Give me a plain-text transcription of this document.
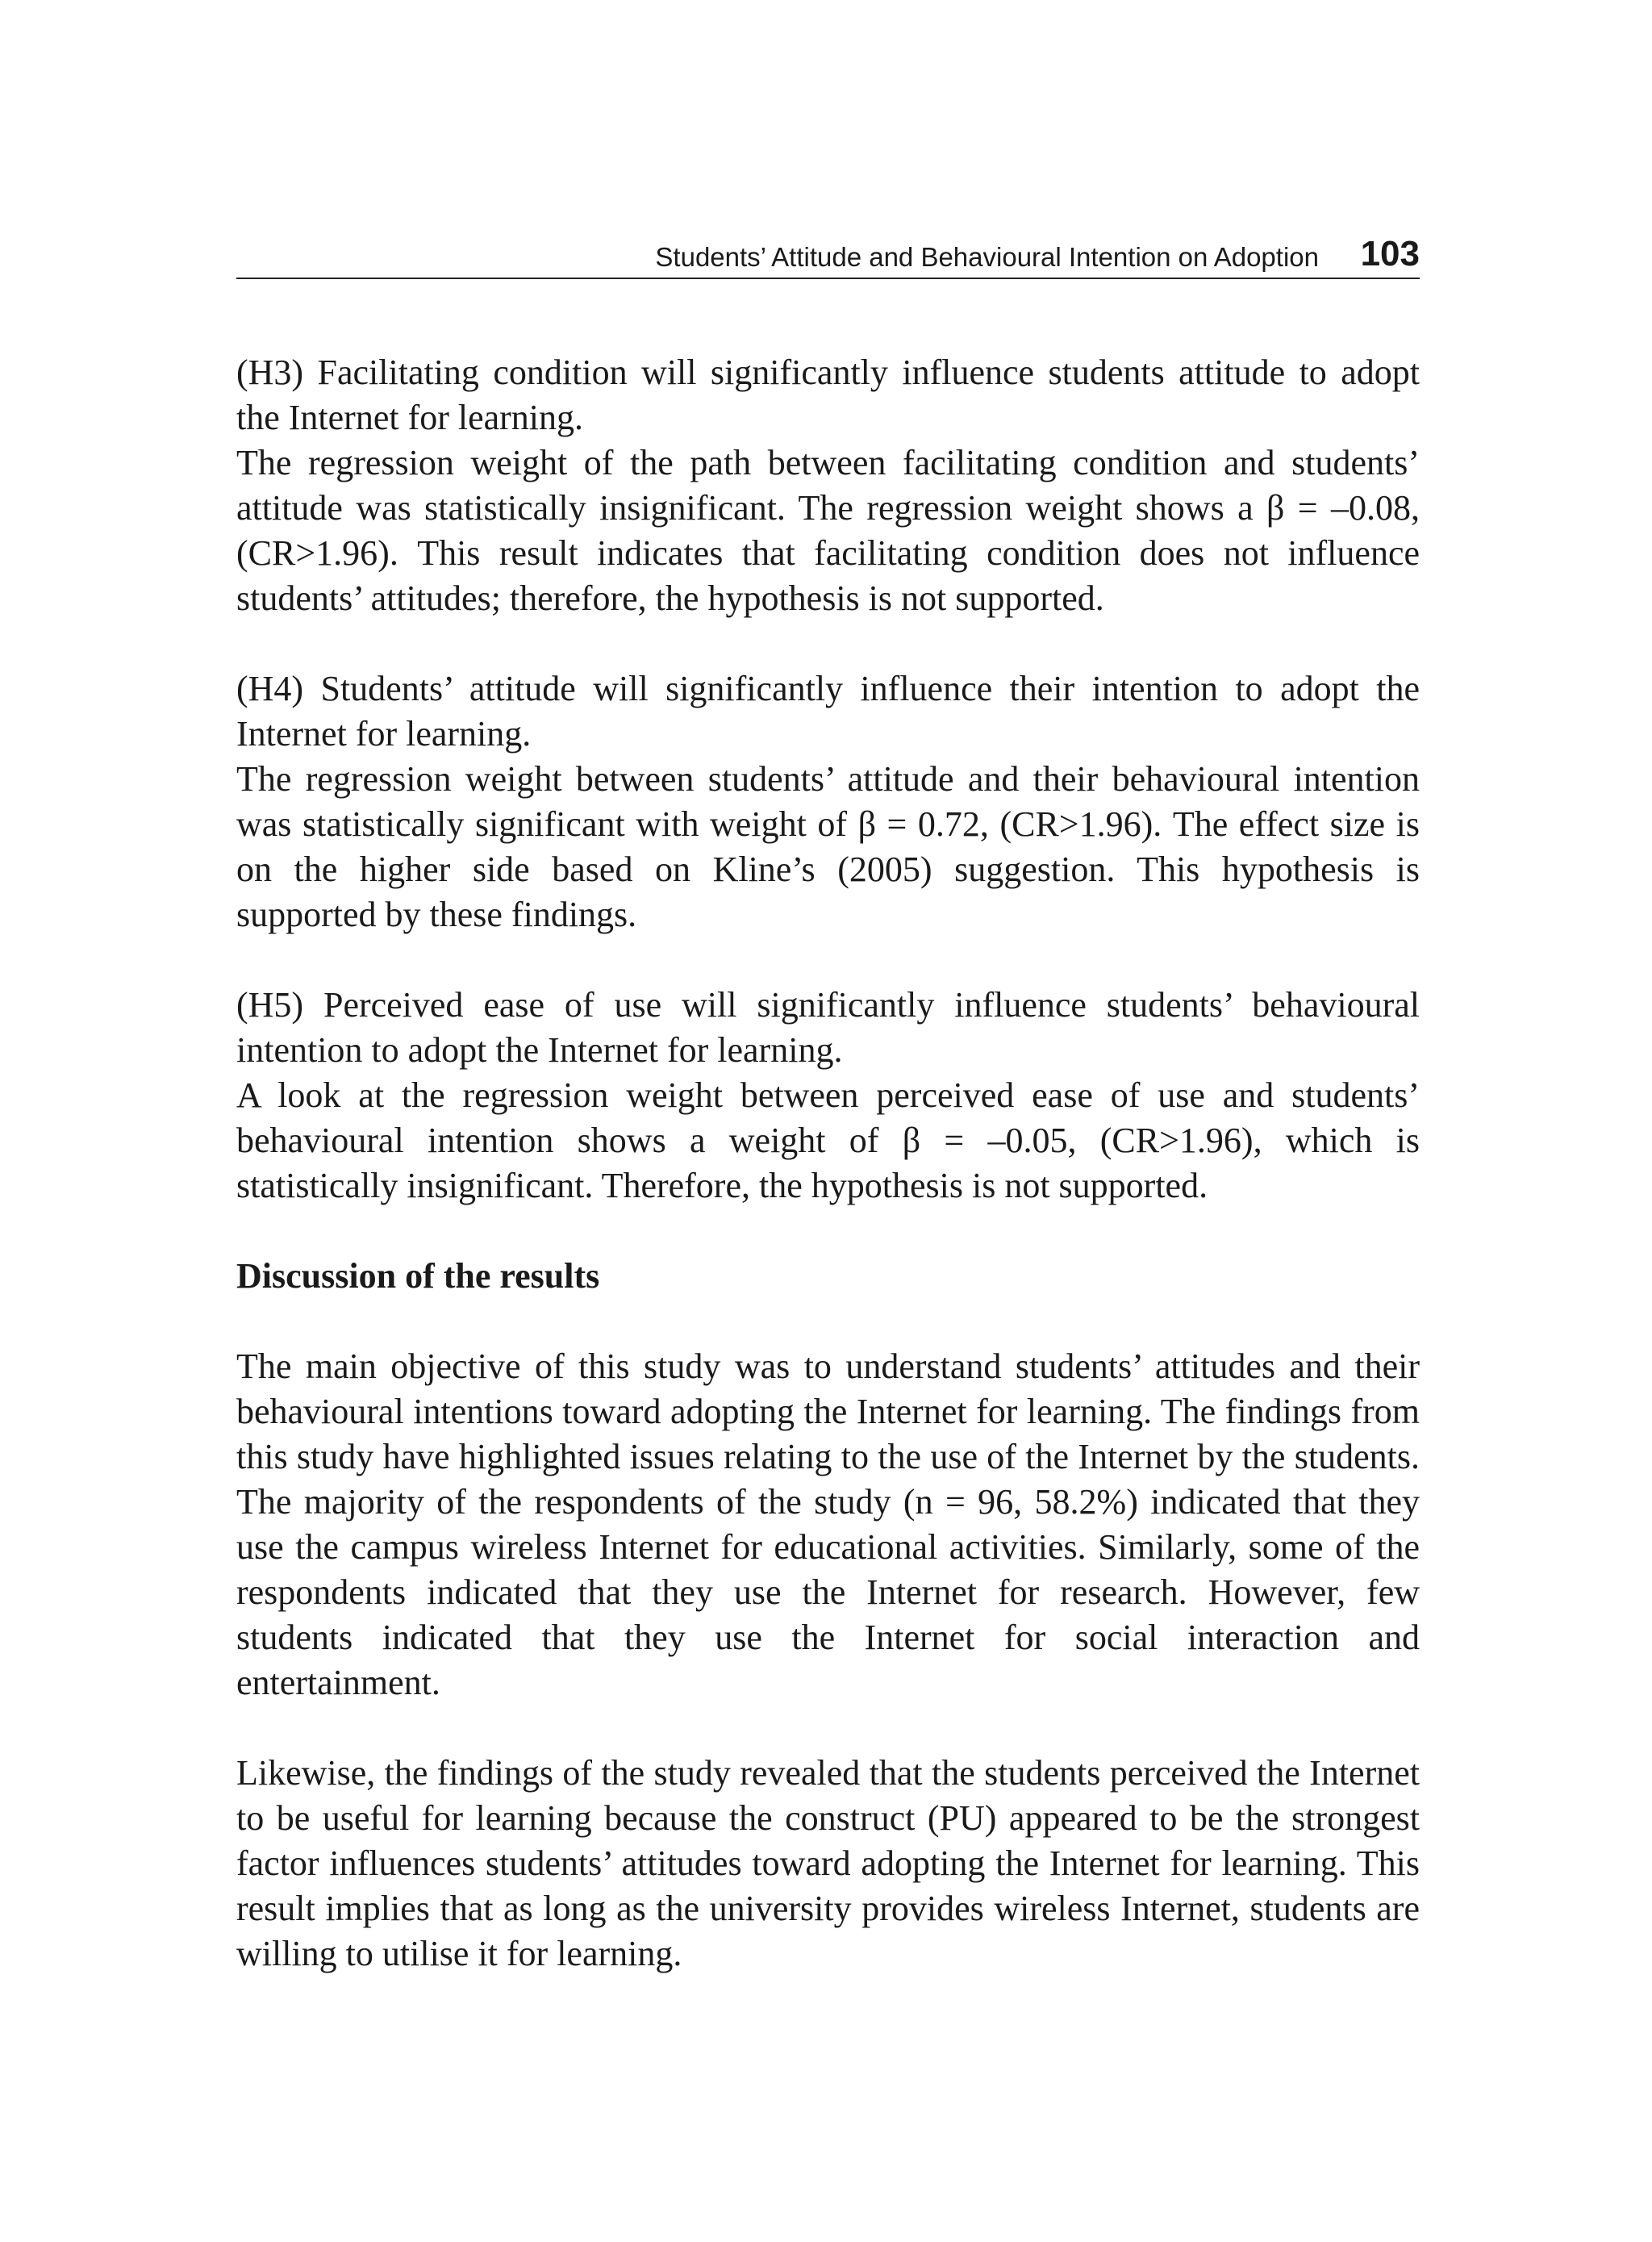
Students’ Attitude and Behavioural Intention on Adoption 103

(H3) Facilitating condition will significantly influence students attitude to adopt the Internet for learning.

The regression weight of the path between facilitating condition and students’ attitude was statistically insignificant. The regression weight shows a β = –0.08, (CR>1.96). This result indicates that facilitating condition does not influence students’ attitudes; therefore, the hypothesis is not supported.

(H4) Students’ attitude will significantly influence their intention to adopt the Internet for learning.

The regression weight between students’ attitude and their behavioural intention was statistically significant with weight of β = 0.72, (CR>1.96). The effect size is on the higher side based on Kline’s (2005) suggestion. This hypothesis is supported by these findings.

(H5) Perceived ease of use will significantly influence students’ behavioural intention to adopt the Internet for learning.

A look at the regression weight between perceived ease of use and students’ behavioural intention shows a weight of β = –0.05, (CR>1.96), which is statistically insignificant. Therefore, the hypothesis is not supported.

Discussion of the results

The main objective of this study was to understand students’ attitudes and their behavioural intentions toward adopting the Internet for learning. The findings from this study have highlighted issues relating to the use of the Internet by the students. The majority of the respondents of the study (n = 96, 58.2%) indicated that they use the campus wireless Internet for educational activities. Similarly, some of the respondents indicated that they use the Internet for research. However, few students indicated that they use the Internet for social interaction and entertainment.

Likewise, the findings of the study revealed that the students perceived the Internet to be useful for learning because the construct (PU) appeared to be the strongest factor influences students’ attitudes toward adopting the Internet for learning. This result implies that as long as the university provides wireless Internet, students are willing to utilise it for learning.
